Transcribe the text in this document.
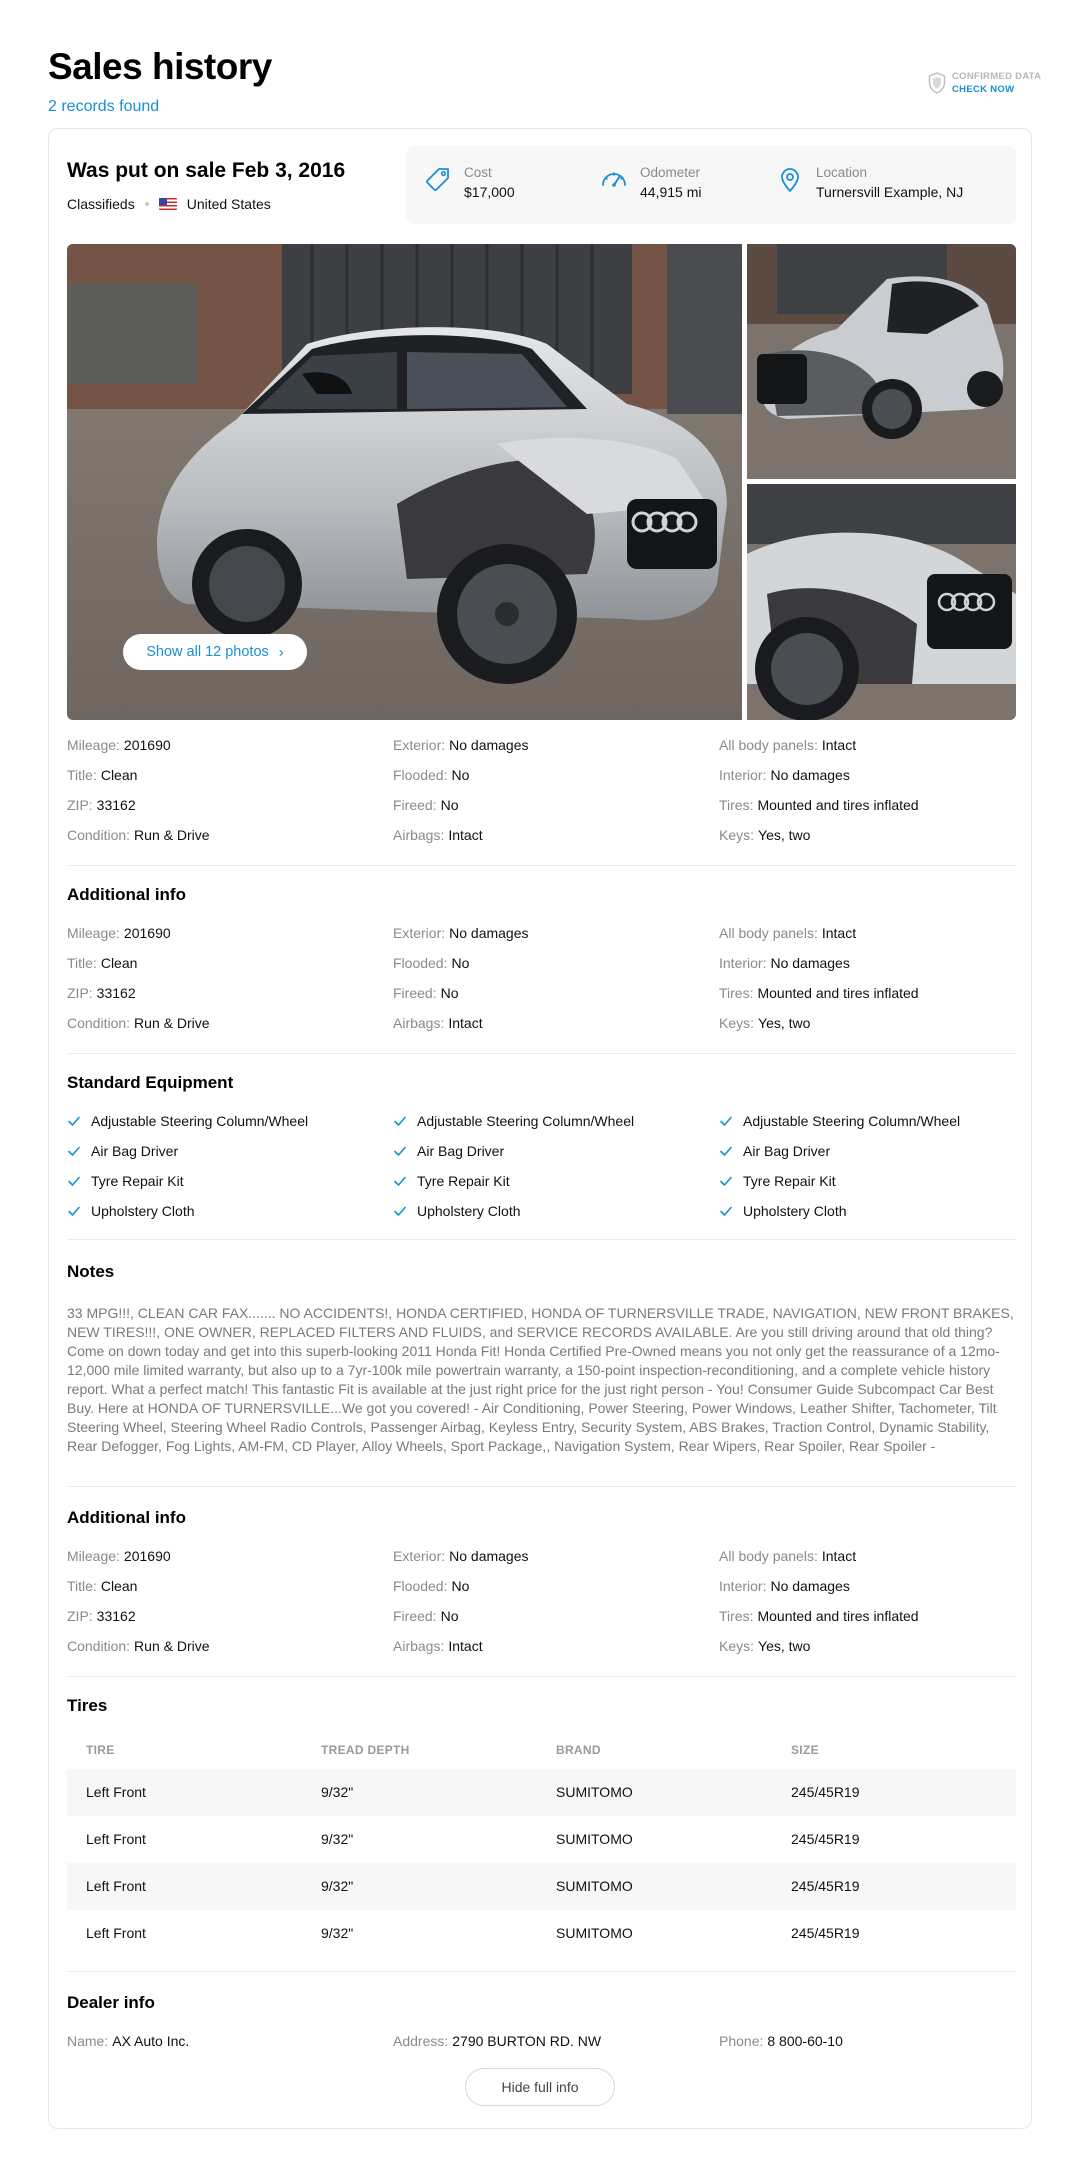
Sales history
2 records found
CONFIRMED DATA
CHECK NOW
Was put on sale Feb 3, 2016
Classifieds	United States
Cost
$17,000
Odometer
44,915 mi
Location
Turnersvill Example, NJ
Show all 12 photos ›
Mileage: 201690
Title: Clean
ZIP: 33162
Condition: Run & Drive
Exterior: No damages
Flooded: No
Fireed: No
Airbags: Intact
All body panels: Intact
Interior: No damages
Tires: Mounted and tires inflated
Keys: Yes, two
Additional info
Mileage: 201690
Title: Clean
ZIP: 33162
Condition: Run & Drive
Exterior: No damages
Flooded: No
Fireed: No
Airbags: Intact
All body panels: Intact
Interior: No damages
Tires: Mounted and tires inflated
Keys: Yes, two
Standard Equipment
Adjustable Steering Column/Wheel
Air Bag Driver
Tyre Repair Kit
Upholstery Cloth
Adjustable Steering Column/Wheel
Air Bag Driver
Tyre Repair Kit
Upholstery Cloth
Adjustable Steering Column/Wheel
Air Bag Driver
Tyre Repair Kit
Upholstery Cloth
Notes
33 MPG!!!, CLEAN CAR FAX....... NO ACCIDENTS!, HONDA CERTIFIED, HONDA OF TURNERSVILLE TRADE, NAVIGATION, NEW FRONT BRAKES, NEW TIRES!!!, ONE OWNER, REPLACED FILTERS AND FLUIDS, and SERVICE RECORDS AVAILABLE. Are you still driving around that old thing? Come on down today and get into this superb-looking 2011 Honda Fit! Honda Certified Pre-Owned means you not only get the reassurance of a 12mo-12,000 mile limited warranty, but also up to a 7yr-100k mile powertrain warranty, a 150-point inspection-reconditioning, and a complete vehicle history report. What a perfect match! This fantastic Fit is available at the just right price for the just right person - You! Consumer Guide Subcompact Car Best Buy. Here at HONDA OF TURNERSVILLE...We got you covered! - Air Conditioning, Power Steering, Power Windows, Leather Shifter, Tachometer, Tilt Steering Wheel, Steering Wheel Radio Controls, Passenger Airbag, Keyless Entry, Security System, ABS Brakes, Traction Control, Dynamic Stability, Rear Defogger, Fog Lights, AM-FM, CD Player, Alloy Wheels, Sport Package,, Navigation System, Rear Wipers, Rear Spoiler, Rear Spoiler -
Additional info
Mileage: 201690
Title: Clean
ZIP: 33162
Condition: Run & Drive
Exterior: No damages
Flooded: No
Fireed: No
Airbags: Intact
All body panels: Intact
Interior: No damages
Tires: Mounted and tires inflated
Keys: Yes, two
Tires
TIRE	TREAD DEPTH	BRAND	SIZE
Left Front	9/32"	SUMITOMO	245/45R19
Left Front	9/32"	SUMITOMO	245/45R19
Left Front	9/32"	SUMITOMO	245/45R19
Left Front	9/32"	SUMITOMO	245/45R19
Dealer info
Name: AX Auto Inc.	Address: 2790 BURTON RD. NW	Phone: 8 800-60-10
Hide full info
